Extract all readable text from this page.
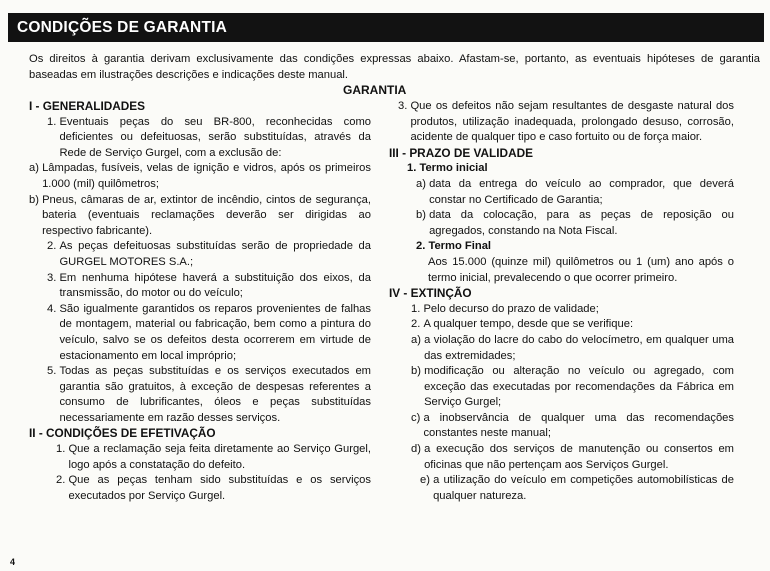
CONDIÇÕES DE GARANTIA
Os direitos à garantia derivam exclusivamente das condições expressas abaixo. Afastam-se, portanto, as eventuais hipóteses de garantia baseadas em ilustrações descrições e indicações deste manual.
GARANTIA

I - GENERALIDADES

1. Eventuais peças do seu BR-800, reconhecidas como deficientes ou defeituosas, serão substituídas, através da Rede de Serviço Gurgel, com a exclusão de:
a) Lâmpadas, fusíveis, velas de ignição e vidros, após os primeiros 1.000 (mil) quilômetros;
b) Pneus, câmaras de ar, extintor de incêndio, cintos de segurança, bateria (eventuais reclamações deverão ser dirigidas ao respectivo fabricante).
2. As peças defeituosas substituídas serão de propriedade da GURGEL MOTORES S.A.;
3. Em nenhuma hipótese haverá a substituição dos eixos, da transmissão, do motor ou do veículo;
4. São igualmente garantidos os reparos provenientes de falhas de montagem, material ou fabricação, bem como a pintura do veículo, salvo se os defeitos desta ocorrerem em virtude de estacionamento em local impróprio;
5. Todas as peças substituídas e os serviços executados em garantia são gratuitos, à exceção de despesas referentes a consumo de lubrificantes, óleos e peças substituídas necessariamente em razão desses serviços.

II - CONDIÇÕES DE EFETIVAÇÃO

1. Que a reclamação seja feita diretamente ao Serviço Gurgel, logo após a constatação do defeito.
2. Que as peças tenham sido substituídas e os serviços executados por Serviço Gurgel.
3. Que os defeitos não sejam resultantes de desgaste natural dos produtos, utilização inadequada, prolongado desuso, corrosão, acidente de qualquer tipo e caso fortuito ou de força maior.

III - PRAZO DE VALIDADE

1. Termo inicial

a) data da entrega do veículo ao comprador, que deverá constar no Certificado de Garantia;
b) data da colocação, para as peças de reposição ou agregados, constando na Nota Fiscal.
2. Termo Final
Aos 15.000 (quinze mil) quilômetros ou 1 (um) ano após o termo inicial, prevalecendo o que ocorrer primeiro.

IV - EXTINÇÃO

1. Pelo decurso do prazo de validade;
2. A qualquer tempo, desde que se verifique:
a) a violação do lacre do cabo do velocímetro, em qualquer uma das extremidades;
b) modificação ou alteração no veículo ou agregado, com exceção das executadas por recomendações da Fábrica em Serviço Gurgel;
c) a inobservância de qualquer uma das recomendações constantes neste manual;
d) a execução dos serviços de manutenção ou consertos em oficinas que não pertençam aos Serviços Gurgel.
e) a utilização do veículo em competições automobilísticas de qualquer natureza.
4
